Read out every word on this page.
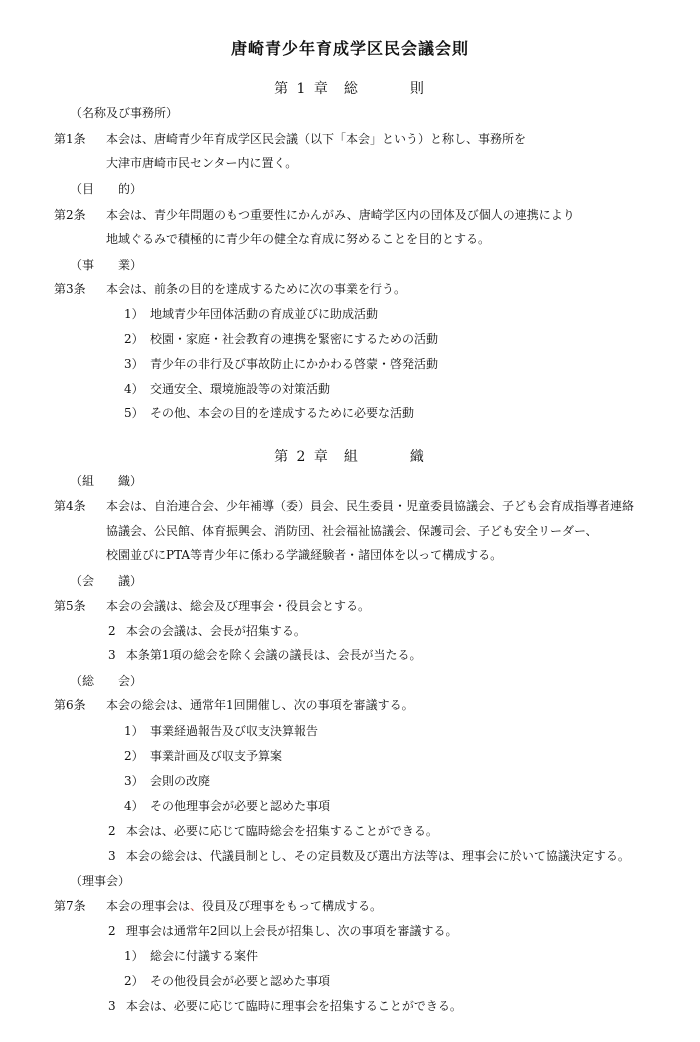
唐崎青少年育成学区民会議会則
第 1 章 総	則
（名称及び事務所）
第1条 本会は、唐崎青少年育成学区民会議（以下「本会」という）と称し、事務所を
大津市唐崎市民センター内に置く。
（目　　的）
第2条 本会は、青少年問題のもつ重要性にかんがみ、唐崎学区内の団体及び個人の連携により
地域ぐるみで積極的に青少年の健全な育成に努めることを目的とする。
（事　　業）
第3条 本会は、前条の目的を達成するために次の事業を行う。
1） 地域青少年団体活動の育成並びに助成活動
2） 校園・家庭・社会教育の連携を緊密にするための活動
3） 青少年の非行及び事故防止にかかわる啓蒙・啓発活動
4） 交通安全、環境施設等の対策活動
5） その他、本会の目的を達成するために必要な活動
第 2 章 組	織
（組　　織）
第4条 本会は、自治連合会、少年補導（委）員会、民生委員・児童委員協議会、子ども会育成指導者連絡
協議会、公民館、体育振興会、消防団、社会福祉協議会、保護司会、子ども安全リーダー、
校園並びにPTA等青少年に係わる学識経験者・諸団体を以って構成する。
（会　　議）
第5条 本会の会議は、総会及び理事会・役員会とする。
2 本会の会議は、会長が招集する。
3 本条第1項の総会を除く会議の議長は、会長が当たる。
（総　　会）
第6条 本会の総会は、通常年1回開催し、次の事項を審議する。
1） 事業経過報告及び収支決算報告
2） 事業計画及び収支予算案
3） 会則の改廃
4） その他理事会が必要と認めた事項
2 本会は、必要に応じて臨時総会を招集することができる。
3 本会の総会は、代議員制とし、その定員数及び選出方法等は、理事会に於いて協議決定する。
（理事会）
第7条 本会の理事会は、役員及び理事をもって構成する。
2 理事会は通常年2回以上会長が招集し、次の事項を審議する。
1） 総会に付議する案件
2） その他役員会が必要と認めた事項
3 本会は、必要に応じて臨時に理事会を招集することができる。
